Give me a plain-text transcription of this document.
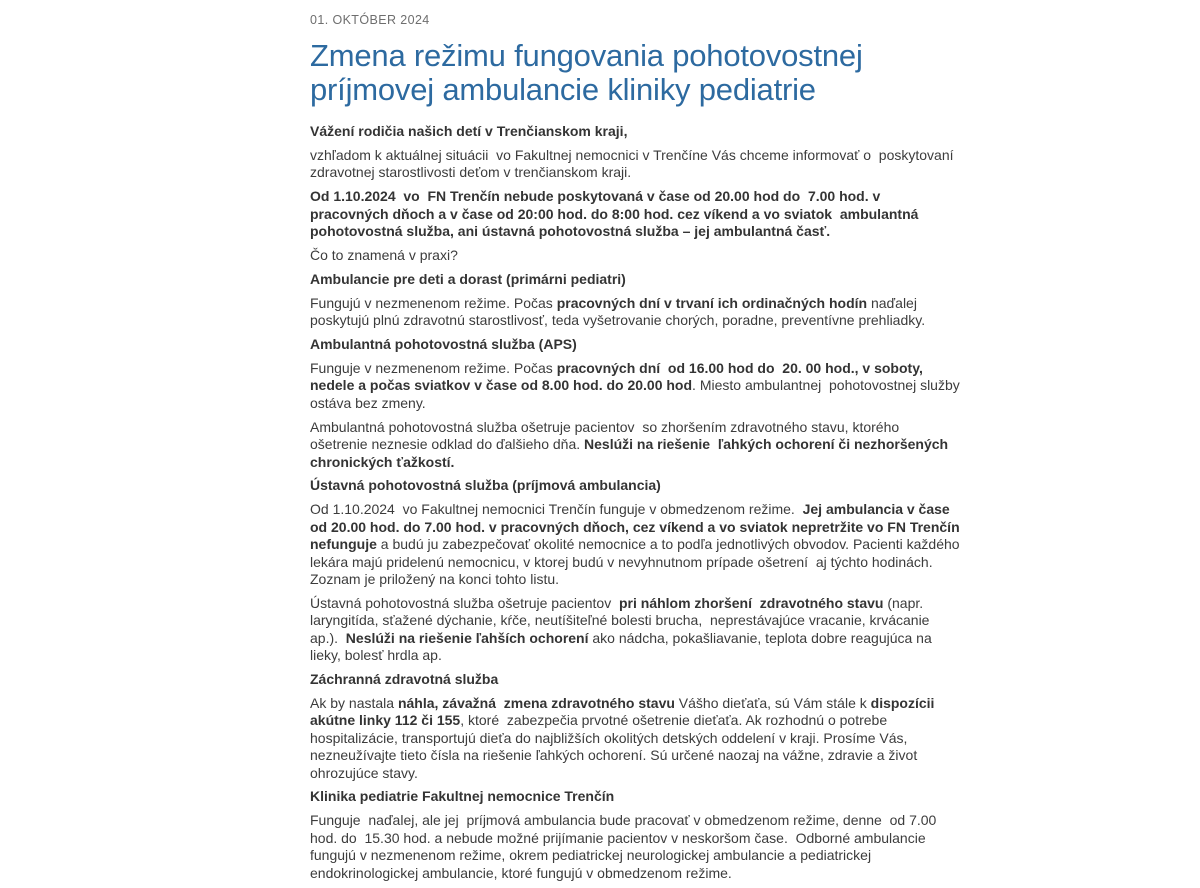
01. OKTÓBER 2024

Zmena režimu fungovania pohotovostnej príjmovej ambulancie kliniky pediatrie

Vážení rodičia našich detí v Trenčianskom kraji,

vzhľadom k aktuálnej situácii  vo Fakultnej nemocnici v Trenčíne Vás chceme informovať o  poskytovaní zdravotnej starostlivosti deťom v trenčianskom kraji.

Od 1.10.2024  vo  FN Trenčín nebude poskytovaná v čase od 20.00 hod do  7.00 hod. v pracovných dňoch a v čase od 20:00 hod. do 8:00 hod. cez víkend a vo sviatok  ambulantná pohotovostná služba, ani ústavná pohotovostná služba – jej ambulantná časť.

Čo to znamená v praxi?

Ambulancie pre deti a dorast (primárni pediatri)

Fungujú v nezmenenom režime. Počas pracovných dní v trvaní ich ordinačných hodín naďalej poskytujú plnú zdravotnú starostlivosť, teda vyšetrovanie chorých, poradne, preventívne prehliadky.

Ambulantná pohotovostná služba (APS)

Funguje v nezmenenom režime. Počas pracovných dní  od 16.00 hod do  20. 00 hod., v soboty, nedele a počas sviatkov v čase od 8.00 hod. do 20.00 hod. Miesto ambulantnej  pohotovostnej služby ostáva bez zmeny.

Ambulantná pohotovostná služba ošetruje pacientov  so zhoršením zdravotného stavu, ktorého ošetrenie neznesie odklad do ďalšieho dňa. Neslúži na riešenie  ľahkých ochorení či nezhoršených chronických ťažkostí.

Ústavná pohotovostná služba (príjmová ambulancia)

Od 1.10.2024  vo Fakultnej nemocnici Trenčín funguje v obmedzenom režime.  Jej ambulancia v čase od 20.00 hod. do 7.00 hod. v pracovných dňoch, cez víkend a vo sviatok nepretržite vo FN Trenčín nefunguje a budú ju zabezpečovať okolité nemocnice a to podľa jednotlivých obvodov. Pacienti každého lekára majú pridelenú nemocnicu, v ktorej budú v nevyhnutnom prípade ošetrení  aj týchto hodinách. Zoznam je priložený na konci tohto listu.

Ústavná pohotovostná služba ošetruje pacientov  pri náhlom zhoršení  zdravotného stavu (napr. laryngitída, sťažené dýchanie, kŕče, neutíšiteľné bolesti brucha,  neprestávajúce vracanie, krvácanie ap.).  Neslúži na riešenie ľahších ochorení ako nádcha, pokašliavanie, teplota dobre reagujúca na lieky, bolesť hrdla ap.

Záchranná zdravotná služba

Ak by nastala náhla, závažná  zmena zdravotného stavu Vášho dieťaťa, sú Vám stále k dispozícii akútne linky 112 či 155, ktoré  zabezpečia prvotné ošetrenie dieťaťa. Ak rozhodnú o potrebe hospitalizácie, transportujú dieťa do najbližších okolitých detských oddelení v kraji. Prosíme Vás, nezneužívajte tieto čísla na riešenie ľahkých ochorení. Sú určené naozaj na vážne, zdravie a život ohrozujúce stavy.

Klinika pediatrie Fakultnej nemocnice Trenčín

Funguje  naďalej, ale jej  príjmová ambulancia bude pracovať v obmedzenom režime, denne  od 7.00 hod. do  15.30 hod. a nebude možné prijímanie pacientov v neskoršom čase.  Odborné ambulancie  fungujú v nezmenenom režime, okrem pediatrickej neurologickej ambulancie a pediatrickej endokrinologickej ambulancie, ktoré fungujú v obmedzenom režime.
